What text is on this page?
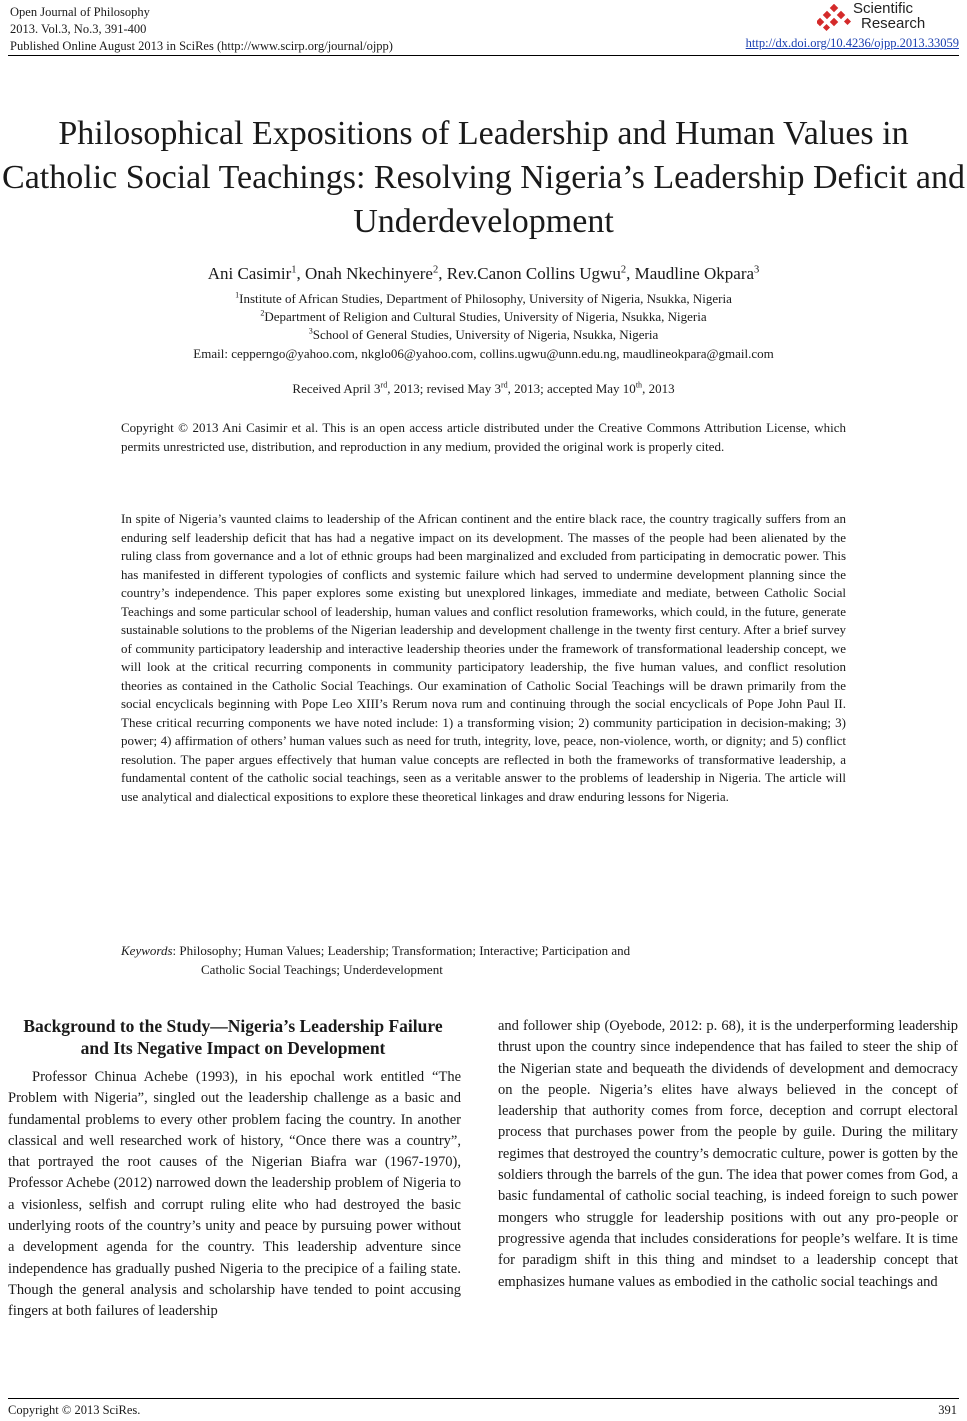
Open Journal of Philosophy
2013. Vol.3, No.3, 391-400
Published Online August 2013 in SciRes (http://www.scirp.org/journal/ojpp)
Scientific
Research
http://dx.doi.org/10.4236/ojpp.2013.33059
Philosophical Expositions of Leadership and Human Values in Catholic Social Teachings: Resolving Nigeria’s Leadership Deficit and Underdevelopment
Ani Casimir$^1$, Onah Nkechinyere$^2$, Rev.Canon Collins Ugwu$^2$, Maudline Okpara$^3$
$^1$Institute of African Studies, Department of Philosophy, University of Nigeria, Nsukka, Nigeria
$^2$Department of Religion and Cultural Studies, University of Nigeria, Nsukka, Nigeria
$^3$School of General Studies, University of Nigeria, Nsukka, Nigeria
Email: cepperngo@yahoo.com, nkglo06@yahoo.com, collins.ugwu@unn.edu.ng, maudlineokpara@gmail.com
Received April 3rd, 2013; revised May 3rd, 2013; accepted May 10th, 2013
Copyright © 2013 Ani Casimir et al. This is an open access article distributed under the Creative Commons Attribution License, which permits unrestricted use, distribution, and reproduction in any medium, provided the original work is properly cited.
In spite of Nigeria’s vaunted claims to leadership of the African continent and the entire black race, the country tragically suffers from an enduring self leadership deficit that has had a negative impact on its development. The masses of the people had been alienated by the ruling class from governance and a lot of ethnic groups had been marginalized and excluded from participating in democratic power. This has manifested in different typologies of conflicts and systemic failure which had served to undermine development planning since the country’s independence. This paper explores some existing but unexplored linkages, immediate and mediate, between Catholic Social Teachings and some particular school of leadership, human values and conflict resolution frameworks, which could, in the future, generate sustainable solutions to the problems of the Nigerian leadership and development challenge in the twenty first century. After a brief survey of community participatory leadership and interactive leadership theories under the framework of transformational leadership concept, we will look at the critical recurring components in community participatory leadership, the five human values, and conflict resolution theories as contained in the Catholic Social Teachings. Our examination of Catholic Social Teachings will be drawn primarily from the social encyclicals beginning with Pope Leo XIII’s Rerum nova rum and continuing through the social encyclicals of Pope John Paul II. These critical recurring components we have noted include: 1) a transforming vision; 2) community participation in decision-making; 3) power; 4) affirmation of others’ human values such as need for truth, integrity, love, peace, non-violence, worth, or dignity; and 5) conflict resolution. The paper argues effectively that human value concepts are reflected in both the frameworks of transformative leadership, a fundamental content of the catholic social teachings, seen as a veritable answer to the problems of leadership in Nigeria. The article will use analytical and dialectical expositions to explore these theoretical linkages and draw enduring lessons for Nigeria.
Keywords: Philosophy; Human Values; Leadership; Transformation; Interactive; Participation and
Catholic Social Teachings; Underdevelopment
Background to the Study—Nigeria’s Leadership Failure and Its Negative Impact on Development
Professor Chinua Achebe (1993), in his epochal work entitled “The Problem with Nigeria”, singled out the leadership challenge as a basic and fundamental problems to every other problem facing the country. In another classical and well researched work of history, “Once there was a country”, that portrayed the root causes of the Nigerian Biafra war (1967-1970), Professor Achebe (2012) narrowed down the leadership problem of Nigeria to a visionless, selfish and corrupt ruling elite who had destroyed the basic underlying roots of the country’s unity and peace by pursuing power without a development agenda for the country. This leadership adventure since independence has gradually pushed Nigeria to the precipice of a failing state. Though the general analysis and scholarship have tended to point accusing fingers at both failures of leadership
and follower ship (Oyebode, 2012: p. 68), it is the underperforming leadership thrust upon the country since independence that has failed to steer the ship of the Nigerian state and bequeath the dividends of development and democracy on the people. Nigeria’s elites have always believed in the concept of leadership that authority comes from force, deception and corrupt electoral process that purchases power from the people by guile. During the military regimes that destroyed the country’s democratic culture, power is gotten by the soldiers through the barrels of the gun. The idea that power comes from God, a basic fundamental of catholic social teaching, is indeed foreign to such power mongers who struggle for leadership positions with out any pro-people or progressive agenda that includes considerations for people’s welfare. It is time for paradigm shift in this thing and mindset to a leadership concept that emphasizes humane values as embodied in the catholic social teachings and
Copyright © 2013 SciRes.	391
